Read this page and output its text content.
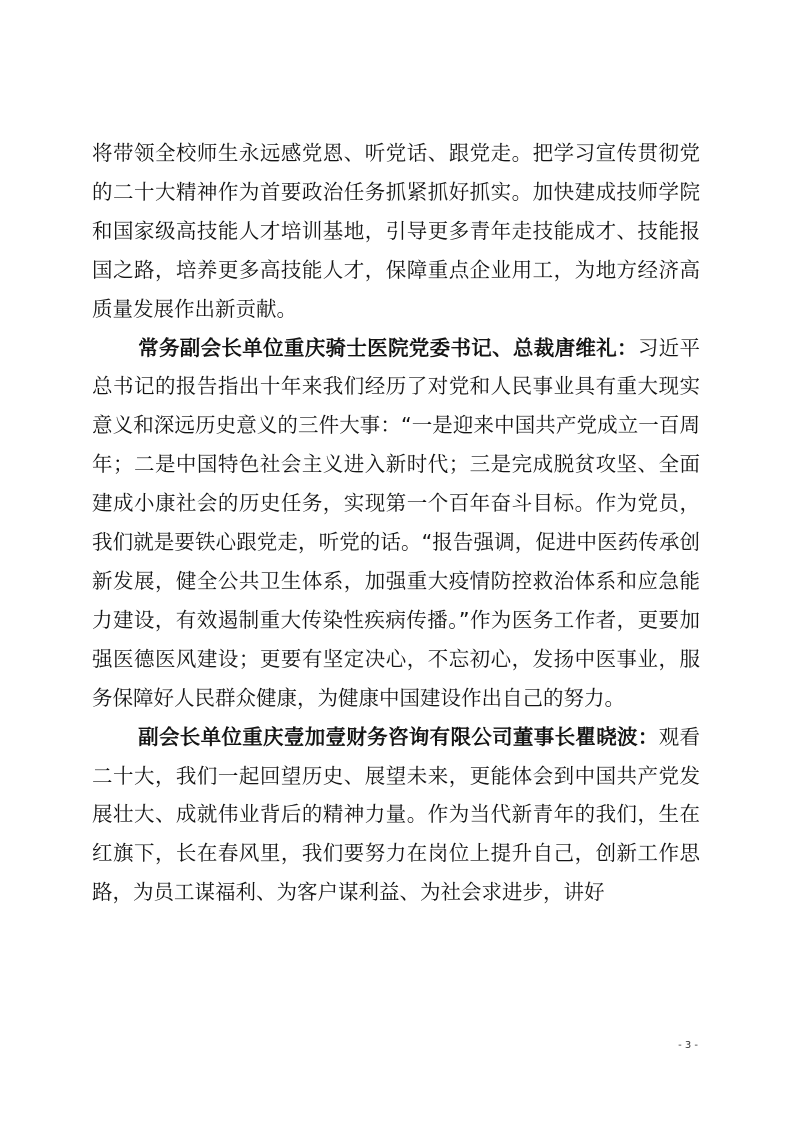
将带领全校师生永远感党恩、听党话、跟党走。把学习宣传贯彻党的二十大精神作为首要政治任务抓紧抓好抓实。加快建成技师学院和国家级高技能人才培训基地，引导更多青年走技能成才、技能报国之路，培养更多高技能人才，保障重点企业用工，为地方经济高质量发展作出新贡献。

常务副会长单位重庆骑士医院党委书记、总裁唐维礼：习近平总书记的报告指出十年来我们经历了对党和人民事业具有重大现实意义和深远历史意义的三件大事：“一是迎来中国共产党成立一百周年；二是中国特色社会主义进入新时代；三是完成脱贫攻坚、全面建成小康社会的历史任务，实现第一个百年奋斗目标。作为党员，我们就是要铁心跟党走，听党的话。“报告强调，促进中医药传承创新发展，健全公共卫生体系，加强重大疫情防控救治体系和应急能力建设，有效遏制重大传染性疾病传播。”作为医务工作者，更要加强医德医风建设；更要有坚定决心，不忘初心，发扬中医事业，服务保障好人民群众健康，为健康中国建设作出自己的努力。

副会长单位重庆壹加壹财务咨询有限公司董事长瞿晓波：观看二十大，我们一起回望历史、展望未来，更能体会到中国共产党发展壮大、成就伟业背后的精神力量。作为当代新青年的我们，生在红旗下，长在春风里，我们要努力在岗位上提升自己，创新工作思路，为员工谋福利、为客户谋利益、为社会求进步，讲好

- 3 -
